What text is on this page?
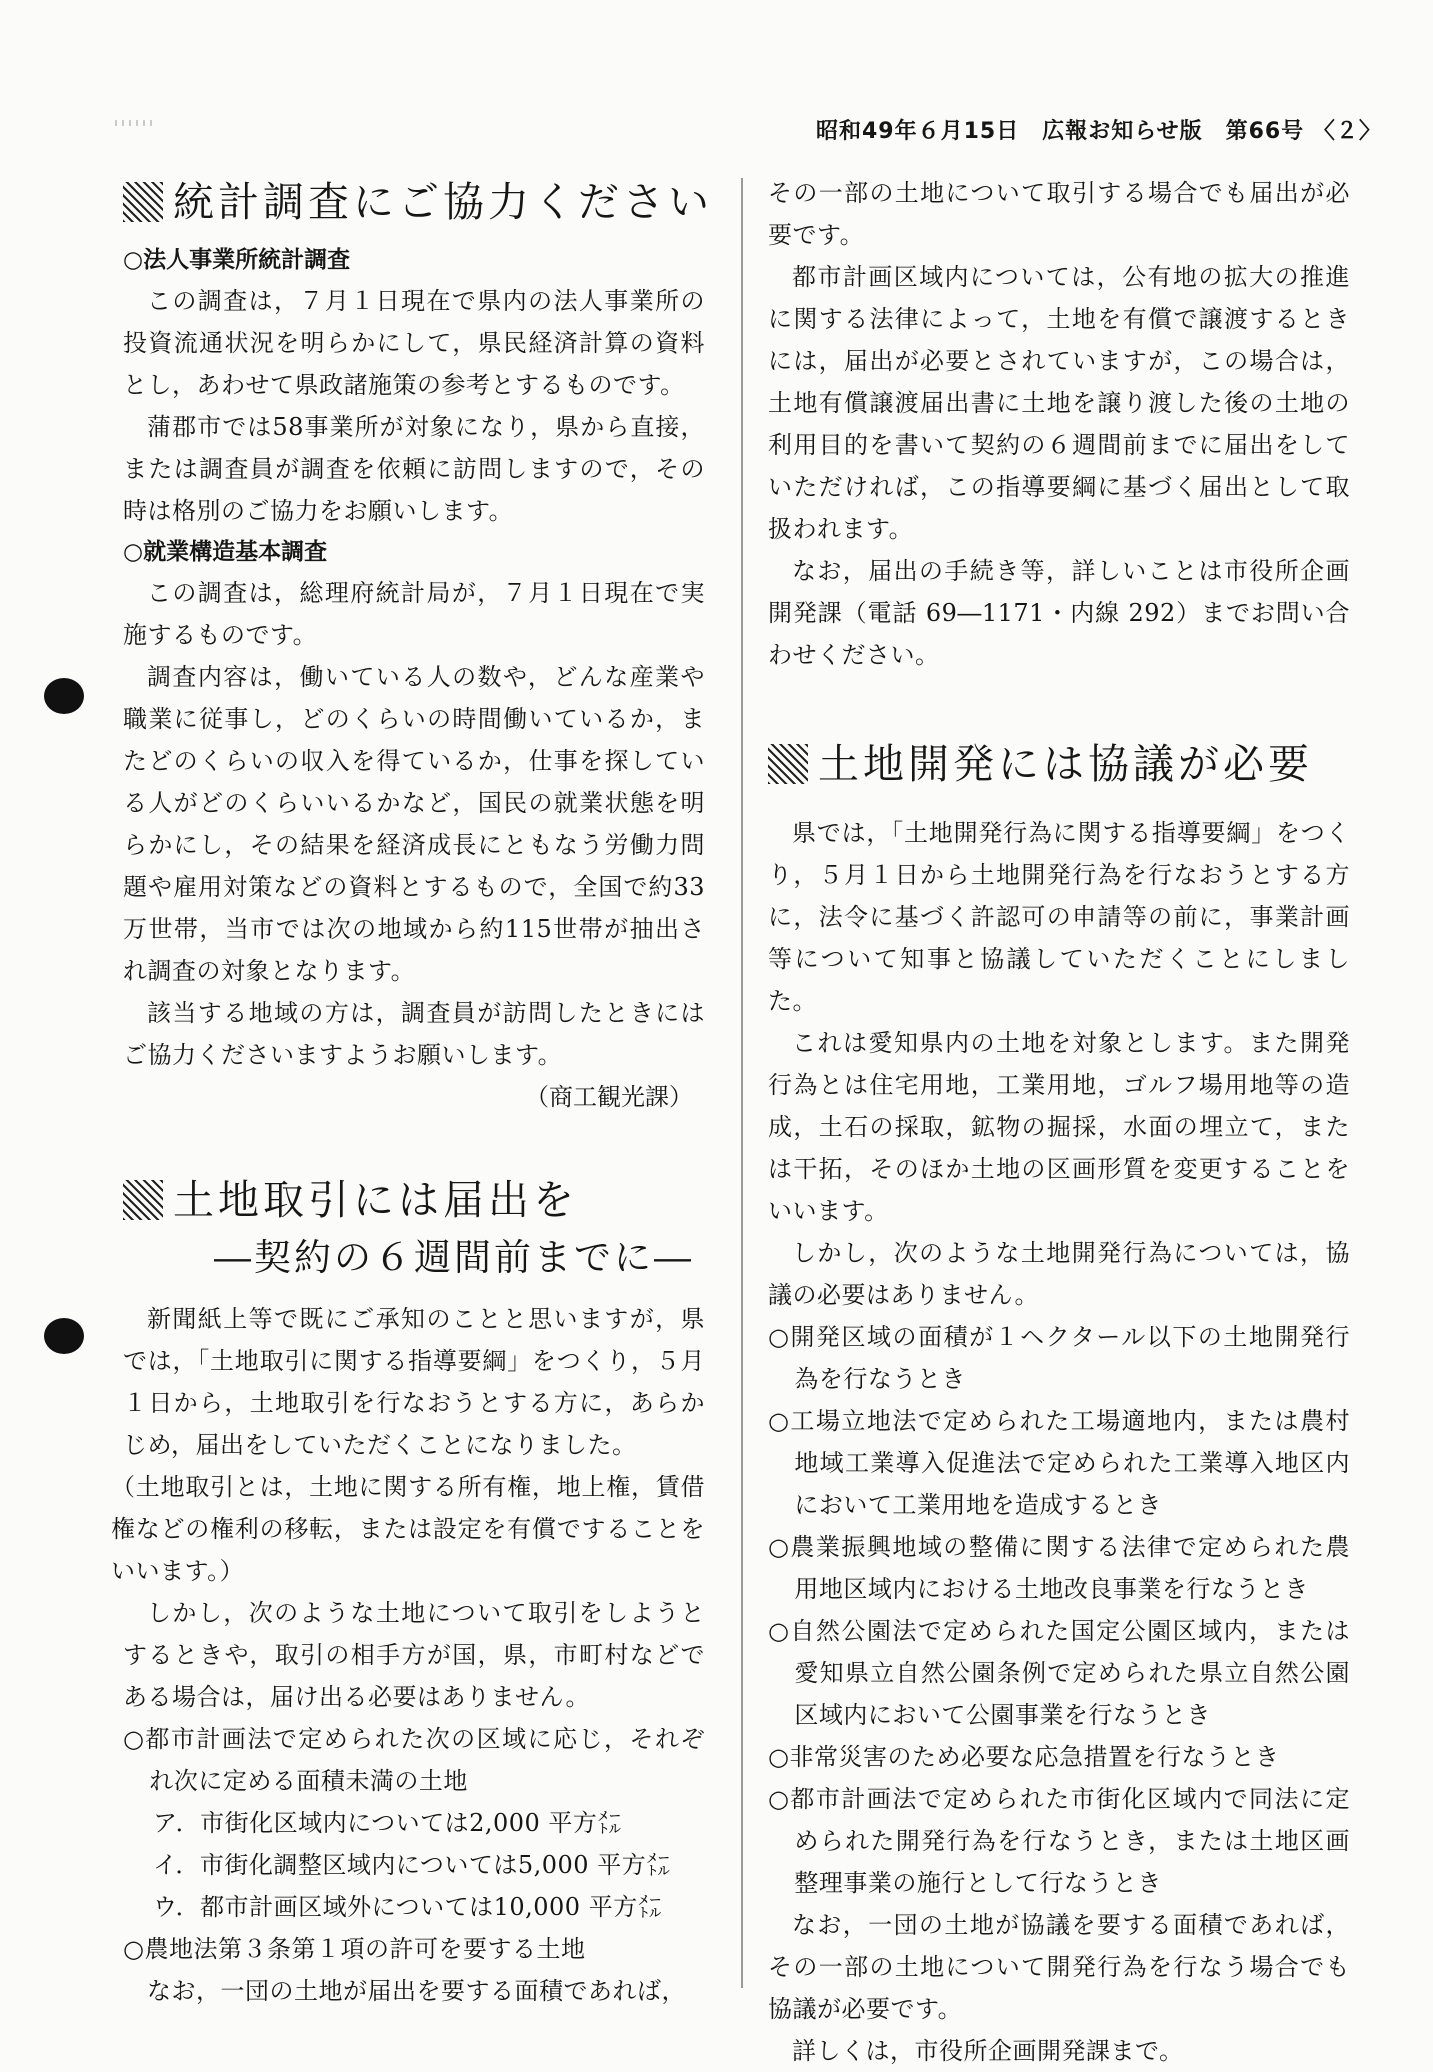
昭和49年６月15日　広報お知らせ版　第66号 〈２〉
統計調査にご協力ください
○法人事業所統計調査

この調査は，７月１日現在で県内の法人事業所の投資流通状況を明らかにして，県民経済計算の資料とし，あわせて県政諸施策の参考とするものです。

蒲郡市では58事業所が対象になり，県から直接，または調査員が調査を依頼に訪問しますので，その時は格別のご協力をお願いします。

○就業構造基本調査

この調査は，総理府統計局が，７月１日現在で実施するものです。

調査内容は，働いている人の数や，どんな産業や職業に従事し，どのくらいの時間働いているか，またどのくらいの収入を得ているか，仕事を探している人がどのくらいいるかなど，国民の就業状態を明らかにし，その結果を経済成長にともなう労働力問題や雇用対策などの資料とするもので，全国で約33万世帯，当市では次の地域から約115世帯が抽出され調査の対象となります。

該当する地域の方は，調査員が訪問したときにはご協力くださいますようお願いします。

（商工観光課）
土地取引には届出を
―契約の６週間前までに―

新聞紙上等で既にご承知のことと思いますが，県では，「土地取引に関する指導要綱」をつくり，５月１日から，土地取引を行なおうとする方に，あらかじめ，届出をしていただくことになりました。

（土地取引とは，土地に関する所有権，地上権，賃借権などの権利の移転，または設定を有償ですることをいいます。）

しかし，次のような土地について取引をしようとするときや，取引の相手方が国，県，市町村などである場合は，届け出る必要はありません。

○都市計画法で定められた次の区域に応じ，それぞれ次に定める面積未満の土地

ア．市街化区域内については2,000 平方㍍

イ．市街化調整区域内については5,000 平方㍍

ウ．都市計画区域外については10,000 平方㍍

○農地法第３条第１項の許可を要する土地

なお，一団の土地が届出を要する面積であれば，

その一部の土地について取引する場合でも届出が必要です。

都市計画区域内については，公有地の拡大の推進に関する法律によって，土地を有償で譲渡するときには，届出が必要とされていますが，この場合は，土地有償譲渡届出書に土地を譲り渡した後の土地の利用目的を書いて契約の６週間前までに届出をしていただければ，この指導要綱に基づく届出として取扱われます。

なお，届出の手続き等，詳しいことは市役所企画開発課（電話 69―1171・内線 292）までお問い合わせください。

土地開発には協議が必要

県では，「土地開発行為に関する指導要綱」をつくり，５月１日から土地開発行為を行なおうとする方に，法令に基づく許認可の申請等の前に，事業計画等について知事と協議していただくことにしました。

これは愛知県内の土地を対象とします。また開発行為とは住宅用地，工業用地，ゴルフ場用地等の造成，土石の採取，鉱物の掘採，水面の埋立て，または干拓，そのほか土地の区画形質を変更することをいいます。

しかし，次のような土地開発行為については，協議の必要はありません。

○開発区域の面積が１ヘクタール以下の土地開発行為を行なうとき

○工場立地法で定められた工場適地内，または農村地域工業導入促進法で定められた工業導入地区内において工業用地を造成するとき

○農業振興地域の整備に関する法律で定められた農用地区域内における土地改良事業を行なうとき

○自然公園法で定められた国定公園区域内，または愛知県立自然公園条例で定められた県立自然公園区域内において公園事業を行なうとき

○非常災害のため必要な応急措置を行なうとき

○都市計画法で定められた市街化区域内で同法に定められた開発行為を行なうとき，または土地区画整理事業の施行として行なうとき

なお，一団の土地が協議を要する面積であれば，その一部の土地について開発行為を行なう場合でも協議が必要です。

詳しくは，市役所企画開発課まで。
